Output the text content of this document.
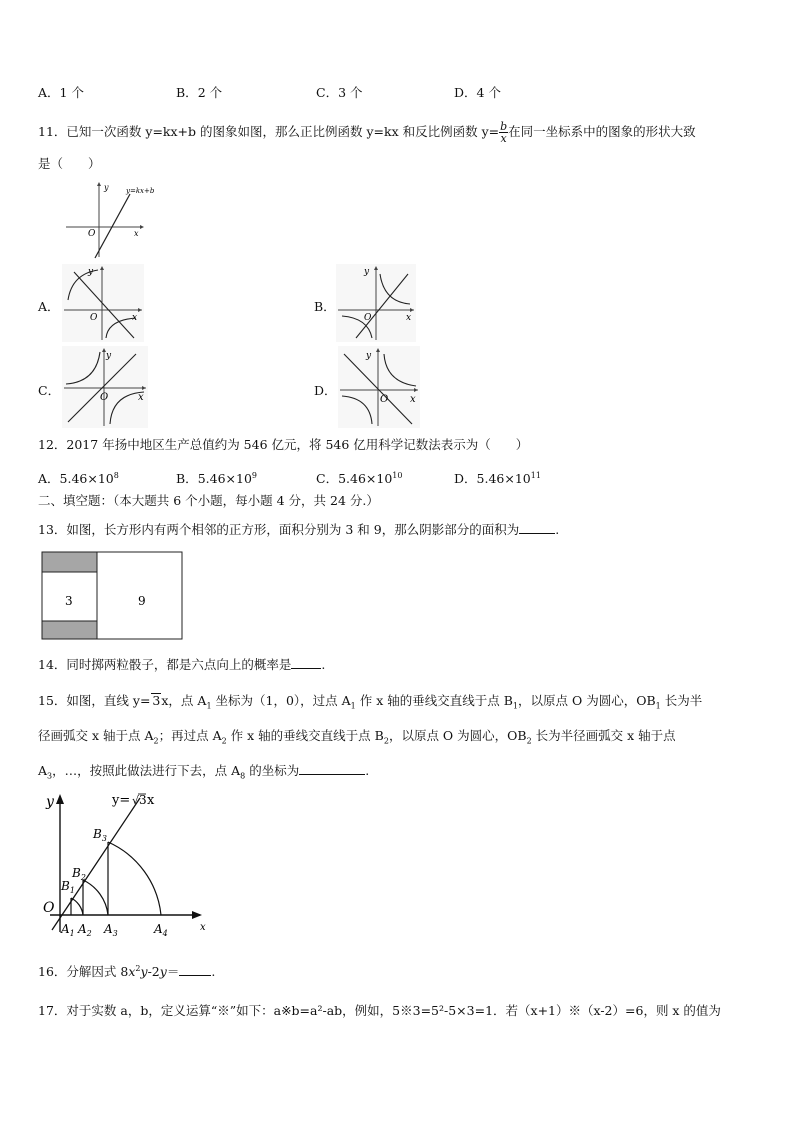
A．1 个	B．2 个	C．3 个	D．4 个
11．已知一次函数 y=kx+b 的图象如图，那么正比例函数 y=kx 和反比例函数 $y= \frac{b}{x}$ 在同一坐标系中的图象的形状大致
是（　　）
y
O	x
y=kx+b
A．
y
O	x
B．
y
O	x
C．
y
O	x	D．
y
O x
12．2017 年扬中地区生产总值约为 546 亿元，将 546 亿用科学记数法表示为（　　）
A．$5.46\times 10^8$	B．$5.46\times 10^9$	C．$5.46\times 10^{10}$	D．$5.46\times 10^{11}$
二、填空题：（本大题共 6 个小题，每小题 4 分，共 24 分.）
13．如图，长方形内有两个相邻的正方形，面积分别为 3 和 9，那么阴影部分的面积为	.
3	9
14．同时掷两粒骰子，都是六点向上的概率是 .
15．如图，直线 y= 3x，点 $A_1$ 坐标为（1，0），过点 $A_1$ 作 x 轴的垂线交直线于点 $B_1$，以原点 O 为圆心，$OB_1$ 长为半
径画弧交 x 轴于点 $A_2$；再过点 $A_2$ 作 x 轴的垂线交直线于点 $B_2$，以原点 O 为圆心，$OB_2$ 长为半径画弧交 x 轴于点
$A_3$，…，按照此做法进行下去，点 $A_8$ 的坐标为	.
y= √ 3 x
y
O
x
$A_1$ $A_2$ $A_3$	$A_4$
$B_1$
$B_2$
$B_3$
16．分解因式 $8x^2y-2y=$	.
17．对于实数 a，b，定义运算“※”如下：a※b=a²-ab，例如，5※3=5²-5×3=1．若（x+1）※（x-2）=6，则 x 的值为
